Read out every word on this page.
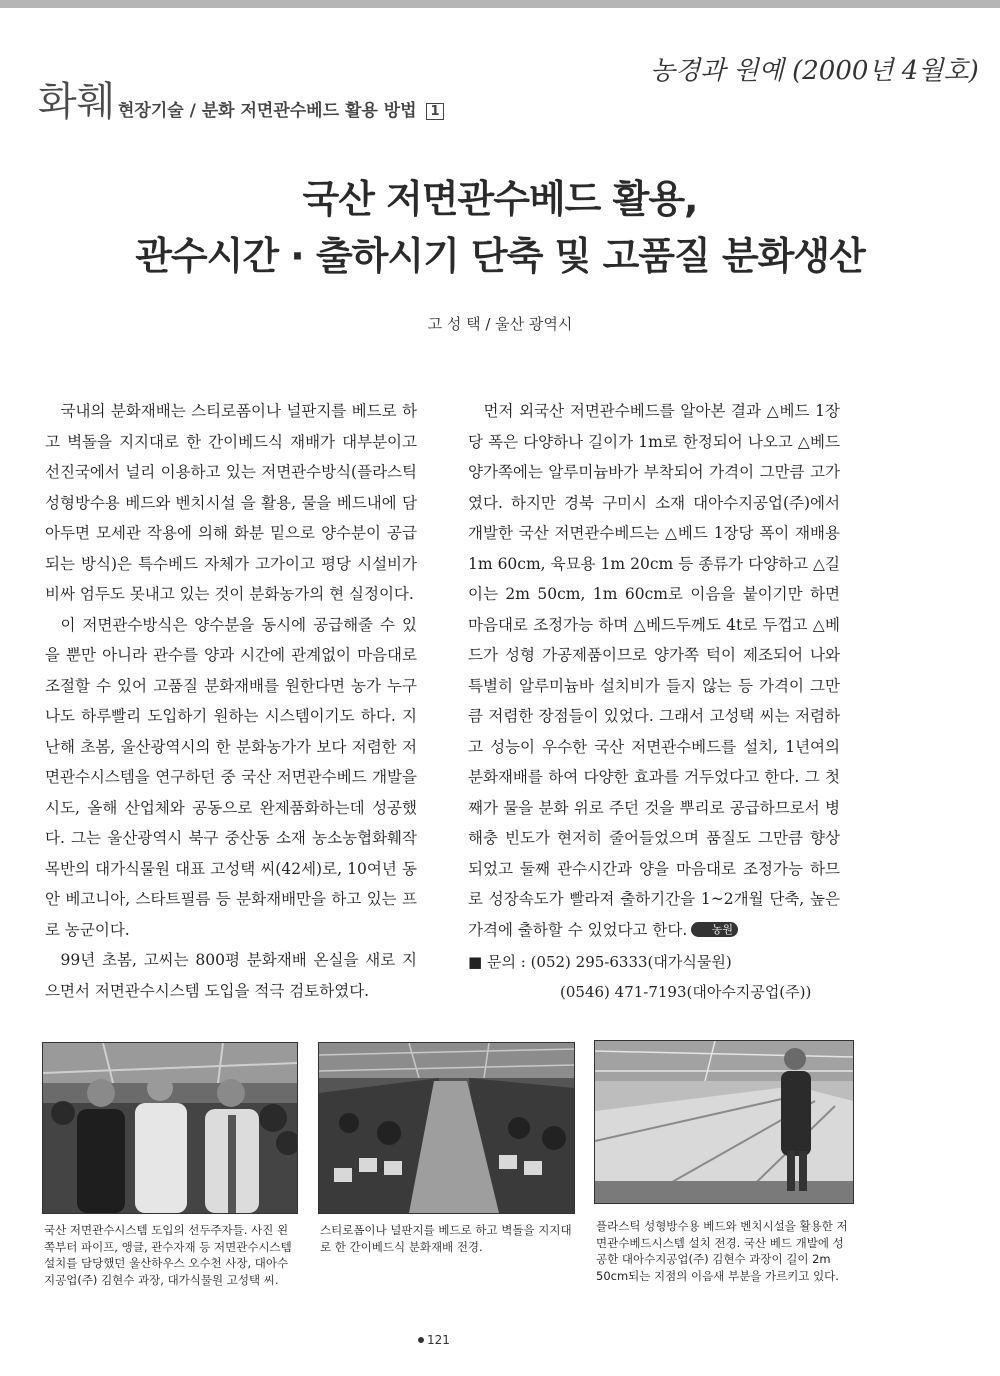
농경과 원예 (2000년 4월호)
화훼 현장기술 / 분화 저면관수베드 활용 방법 1
국산 저면관수베드 활용,
관수시간 · 출하시기 단축 및 고품질 분화생산
고 성 택 / 울산 광역시

국내의 분화재배는 스티로폼이나 널판지를 베드로 하고 벽돌을 지지대로 한 간이베드식 재배가 대부분이고 선진국에서 널리 이용하고 있는 저면관수방식(플라스틱 성형방수용 베드와 벤치시설 을 활용, 물을 베드내에 담아두면 모세관 작용에 의해 화분 밑으로 양수분이 공급되는 방식)은 특수베드 자체가 고가이고 평당 시설비가 비싸 엄두도 못내고 있는 것이 분화농가의 현 실정이다.

이 저면관수방식은 양수분을 동시에 공급해줄 수 있을 뿐만 아니라 관수를 양과 시간에 관계없이 마음대로 조절할 수 있어 고품질 분화재배를 원한다면 농가 누구나도 하루빨리 도입하기 원하는 시스템이기도 하다. 지난해 초봄, 울산광역시의 한 분화농가가 보다 저렴한 저면관수시스템을 연구하던 중 국산 저면관수베드 개발을 시도, 올해 산업체와 공동으로 완제품화하는데 성공했다. 그는 울산광역시 북구 중산동 소재 농소농협화훼작목반의 대가식물원 대표 고성택 씨(42세)로, 10여년 동안 베고니아, 스타트필름 등 분화재배만을 하고 있는 프로 농군이다.

99년 초봄, 고씨는 800평 분화재배 온실을 새로 지으면서 저면관수시스템 도입을 적극 검토하였다.

먼저 외국산 저면관수베드를 알아본 결과 △베드 1장당 폭은 다양하나 길이가 1m로 한정되어 나오고 △베드 양가쪽에는 알루미늄바가 부착되어 가격이 그만큼 고가였다. 하지만 경북 구미시 소재 대아수지공업(주)에서 개발한 국산 저면관수베드는 △베드 1장당 폭이 재배용 1m 60cm, 육묘용 1m 20cm 등 종류가 다양하고 △길이는 2m 50cm, 1m 60cm로 이음을 붙이기만 하면 마음대로 조정가능 하며 △베드두께도 4t로 두껍고 △베드가 성형 가공제품이므로 양가쪽 턱이 제조되어 나와 특별히 알루미늄바 설치비가 들지 않는 등 가격이 그만큼 저렴한 장점들이 있었다. 그래서 고성택 씨는 저렴하고 성능이 우수한 국산 저면관수베드를 설치, 1년여의 분화재배를 하여 다양한 효과를 거두었다고 한다. 그 첫째가 물을 분화 위로 주던 것을 뿌리로 공급하므로서 병해충 빈도가 현저히 줄어들었으며 품질도 그만큼 향상되었고 둘째 관수시간과 양을 마음대로 조정가능 하므로 성장속도가 빨라져 출하기간을 1~2개월 단축, 높은 가격에 출하할 수 있었다고 한다. 농원

■ 문의 : (052) 295-6333(대가식물원)
(0546) 471-7193(대아수지공업(주))
국산 저면관수시스템 도입의 선두주자들. 사진 왼쪽부터 파이프, 앵글, 관수자재 등 저면관수시스템 설치를 담당했던 울산하우스 오수천 사장, 대아수지공업(주) 김현수 과장, 대가식물원 고성택 씨.
스티로폼이나 널판지를 베드로 하고 벽돌을 지지대로 한 간이베드식 분화재배 전경.
플라스틱 성형방수용 베드와 벤치시설을 활용한 저면관수베드시스템 설치 전경. 국산 베드 개발에 성공한 대아수지공업(주) 김현수 과장이 길이 2m 50cm되는 지점의 이음새 부분을 가르키고 있다.
121
